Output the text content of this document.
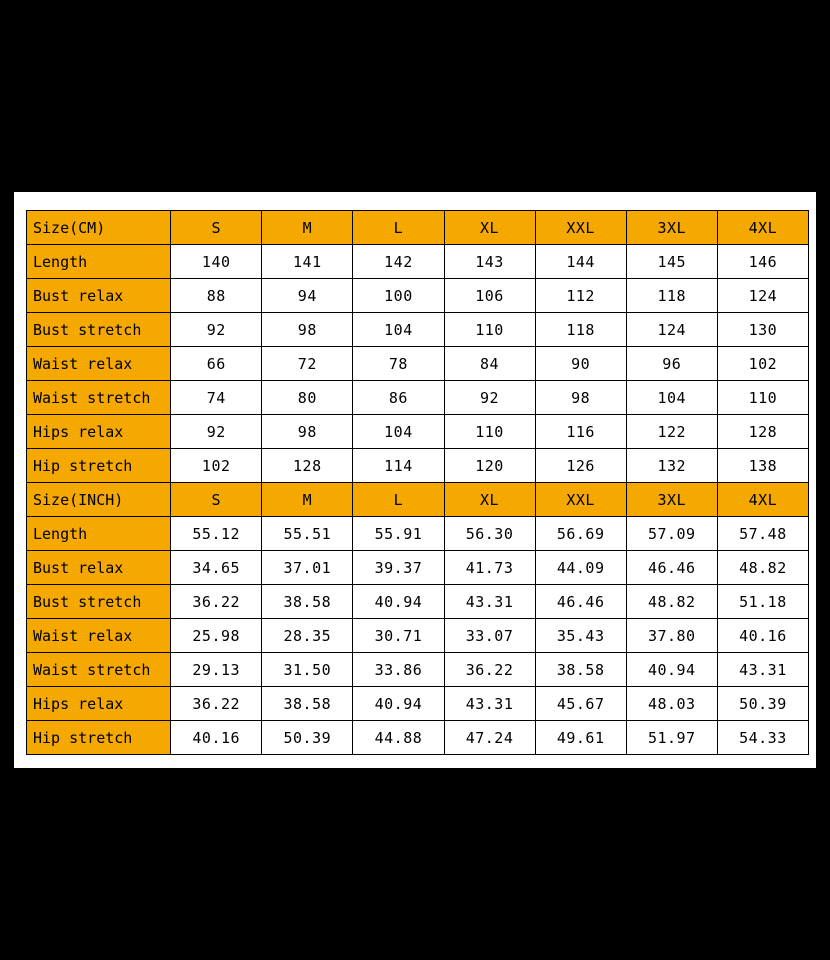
Size(CM)	S	M	L	XL	XXL	3XL	4XL
Length	140	141	142	143	144	145	146
Bust relax	88	94	100	106	112	118	124
Bust stretch	92	98	104	110	118	124	130
Waist relax	66	72	78	84	90	96	102
Waist stretch	74	80	86	92	98	104	110
Hips relax	92	98	104	110	116	122	128
Hip stretch	102	128	114	120	126	132	138
Size(INCH)	S	M	L	XL	XXL	3XL	4XL
Length	55.12	55.51	55.91	56.30	56.69	57.09	57.48
Bust relax	34.65	37.01	39.37	41.73	44.09	46.46	48.82
Bust stretch	36.22	38.58	40.94	43.31	46.46	48.82	51.18
Waist relax	25.98	28.35	30.71	33.07	35.43	37.80	40.16
Waist stretch	29.13	31.50	33.86	36.22	38.58	40.94	43.31
Hips relax	36.22	38.58	40.94	43.31	45.67	48.03	50.39
Hip stretch	40.16	50.39	44.88	47.24	49.61	51.97	54.33
